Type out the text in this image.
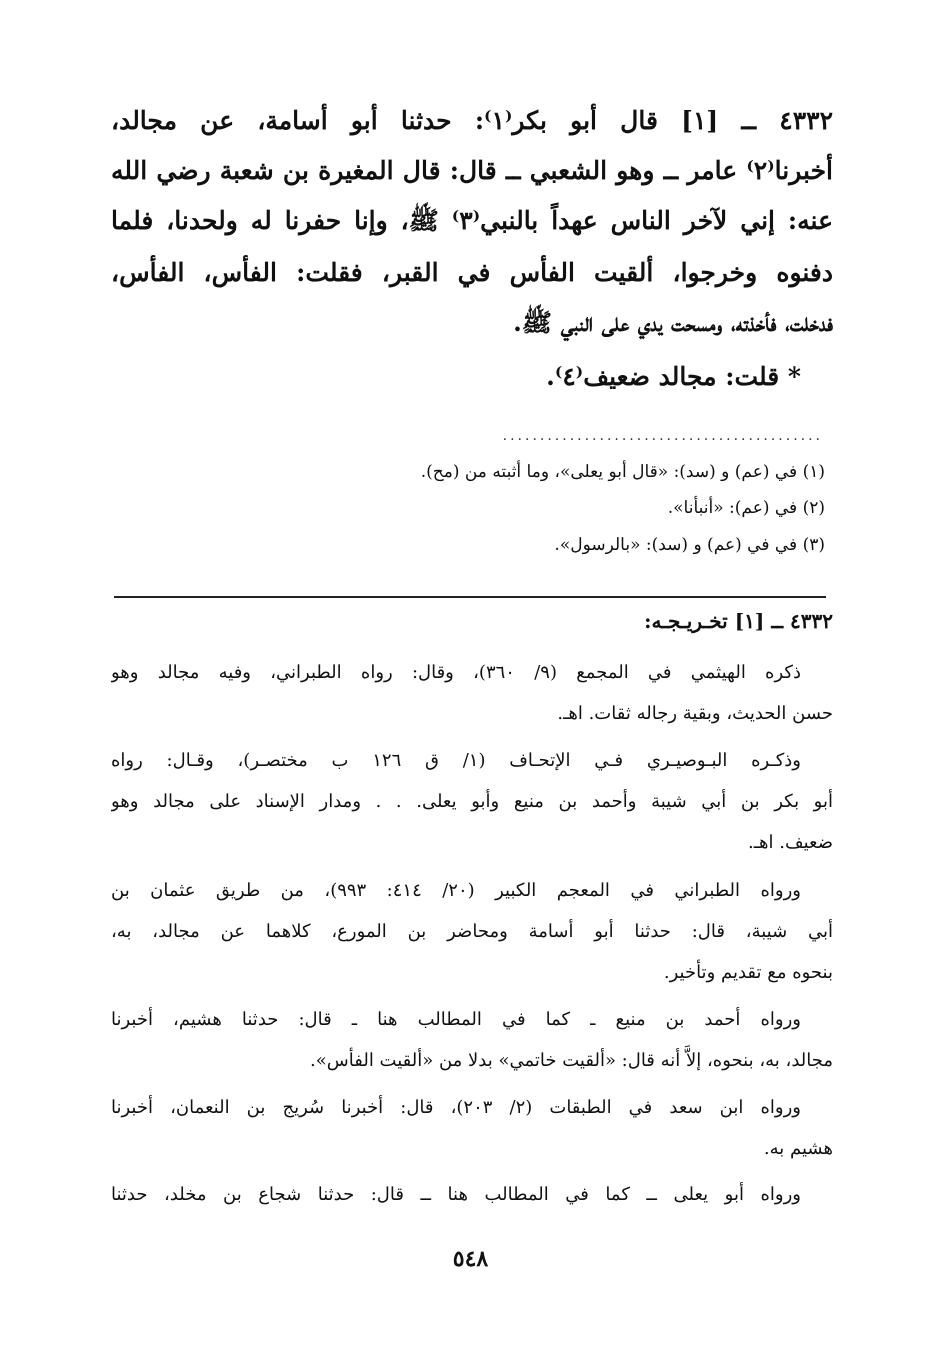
٤٣٣٢ ــ [١] قال أبو بكر⁽١⁾: حدثنا أبو أسامة، عن مجالد،
أخبرنا⁽٢⁾ عامر ــ وهو الشعبي ــ قال: قال المغيرة بن شعبة رضي الله
عنه: إني لآخر الناس عهداً بالنبي⁽٣⁾ ﷺ، وإنا حفرنا له ولحدنا، فلما
دفنوه وخرجوا، ألقيت الفأس في القبر، فقلت: الفأس، الفأس،
فدخلت، فأخذته، ومسحت يدي على النبي ﷺ.
* قلت: مجالد ضعيف⁽٤⁾.
...........................................
(١) في (عم) و (سد): «قال أبو يعلى»، وما أثبته من (مح).
(٢) في (عم): «أنبأنا».
(٣) في في (عم) و (سد): «بالرسول».
٤٣٣٢ ــ [١] تخـريـجـه:
ذكره الهيثمي في المجمع (٩/ ٣٦٠)، وقال: رواه الطبراني، وفيه مجالد وهو
حسن الحديث، وبقية رجاله ثقات. اهـ.
وذكـره البـوصيـري فـي الإتحـاف (١/ ق ١٢٦ ب مختصـر)، وقـال: رواه
أبو بكر بن أبي شيبة وأحمد بن منيع وأبو يعلى. . . ومدار الإسناد على مجالد وهو
ضعيف. اهـ.
ورواه الطبراني في المعجم الكبير (٢٠/ ٤١٤: ٩٩٣)، من طريق عثمان بن
أبي شيبة، قال: حدثنا أبو أسامة ومحاضر بن المورع، كلاهما عن مجالد، به،
بنحوه مع تقديم وتأخير.
ورواه أحمد بن منيع ـ كما في المطالب هنا ـ قال: حدثنا هشيم، أخبرنا
مجالد، به، بنحوه، إلاَّ أنه قال: «ألقيت خاتمي» بدلا من «ألقيت الفأس».
ورواه ابن سعد في الطبقات (٢/ ٢٠٣)، قال: أخبرنا سُريج بن النعمان، أخبرنا
هشيم به.
ورواه أبو يعلى ــ كما في المطالب هنا ــ قال: حدثنا شجاع بن مخلد، حدثنا
٥٤٨
